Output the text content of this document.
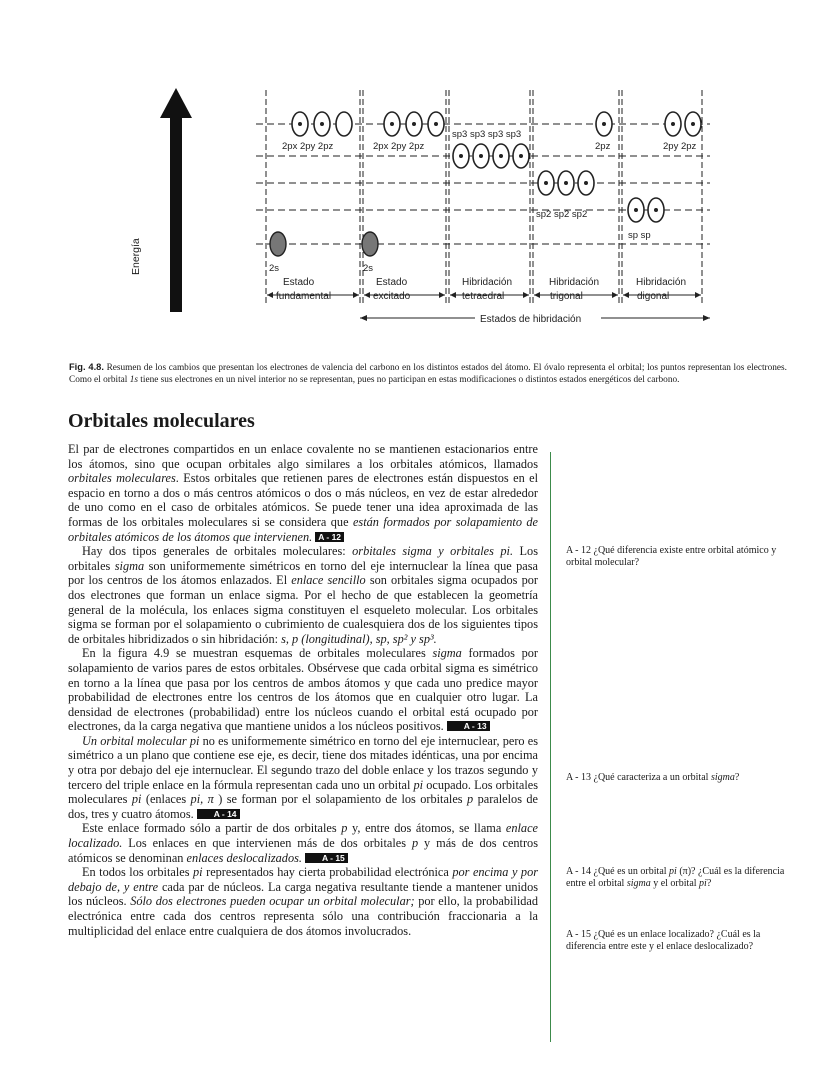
2px 2py 2pz	2px 2py 2pz
sp3 sp3 sp3 sp3
2pz
sp2 sp2 sp2
2py 2pz
sp sp
2s	2s
Estado
fundamental
Estado
excitado
Hibridación
tetraedral
Hibridación
trigonal
Hibridación
digonal
Estados de hibridación
Energía
Fig. 4.8. Resumen de los cambios que presentan los electrones de valencia del carbono en los distintos estados del átomo. El óvalo representa el orbital; los puntos representan los electrones. Como el orbital 1s tiene sus electrones en un nivel interior no se representan, pues no participan en estas modificaciones o distintos estados energéticos del carbono.
Orbitales moleculares

El par de electrones compartidos en un enlace covalente no se mantienen estacionarios entre los átomos, sino que ocupan orbitales algo similares a los orbitales atómicos, llamados orbitales moleculares. Estos orbitales que retienen pares de electrones están dispuestos en el espacio en torno a dos o más centros atómicos o dos o más núcleos, en vez de estar alrededor de uno como en el caso de orbitales atómicos. Se puede tener una idea aproximada de las formas de los orbitales moleculares si se considera que están formados por solapamiento de orbitales atómicos de los átomos que intervienen. A - 12

Hay dos tipos generales de orbitales moleculares: orbitales sigma y orbitales pi. Los orbitales sigma son uniformemente simétricos en torno del eje internuclear la línea que pasa por los centros de los átomos enlazados. El enlace sencillo son orbitales sigma ocupados por dos electrones que forman un enlace sigma. Por el hecho de que establecen la geometría general de la molécula, los enlaces sigma constituyen el esqueleto molecular. Los orbitales sigma se forman por el solapamiento o cubrimiento de cualesquiera dos de los siguientes tipos de orbitales hibridizados o sin hibridación: s, p (longitudinal), sp, sp² y sp³.

En la figura 4.9 se muestran esquemas de orbitales moleculares sigma formados por solapamiento de varios pares de estos orbitales. Obsérvese que cada orbital sigma es simétrico en torno a la línea que pasa por los centros de ambos átomos y que cada uno predice mayor probabilidad de electrones entre los centros de los átomos que en cualquier otro lugar. La densidad de electrones (probabilidad) entre los núcleos cuando el orbital está ocupado por electrones, da la carga negativa que mantiene unidos a los núcleos positivos. A - 13

Un orbital molecular pi no es uniformemente simétrico en torno del eje internuclear, pero es simétrico a un plano que contiene ese eje, es decir, tiene dos mitades idénticas, una por encima y otra por debajo del eje internuclear. El segundo trazo del doble enlace y los trazos segundo y tercero del triple enlace en la fórmula representan cada uno un orbital pi ocupado. Los orbitales moleculares pi (enlaces pi, π ) se forman por el solapamiento de los orbitales p paralelos de dos, tres y cuatro átomos. A - 14

Este enlace formado sólo a partir de dos orbitales p y, entre dos átomos, se llama enlace localizado. Los enlaces en que intervienen más de dos orbitales p y más de dos centros atómicos se denominan enlaces deslocalizados. A - 15

En todos los orbitales pi representados hay cierta probabilidad electrónica por encima y por debajo de, y entre cada par de núcleos. La carga negativa resultante tiende a mantener unidos los núcleos. Sólo dos electrones pueden ocupar un orbital molecular; por ello, la probabilidad electrónica entre cada dos centros representa sólo una contribución fraccionaria a la multiplicidad del enlace entre cualquiera de dos átomos involucrados.

A - 12 ¿Qué diferencia existe entre orbital atómico y orbital molecular?
A - 13 ¿Qué caracteriza a un orbital sigma?
A - 14 ¿Qué es un orbital pi (π)? ¿Cuál es la diferencia entre el orbital sigma y el orbital pi?
A - 15 ¿Qué es un enlace localizado? ¿Cuál es la diferencia entre este y el enlace deslocalizado?
